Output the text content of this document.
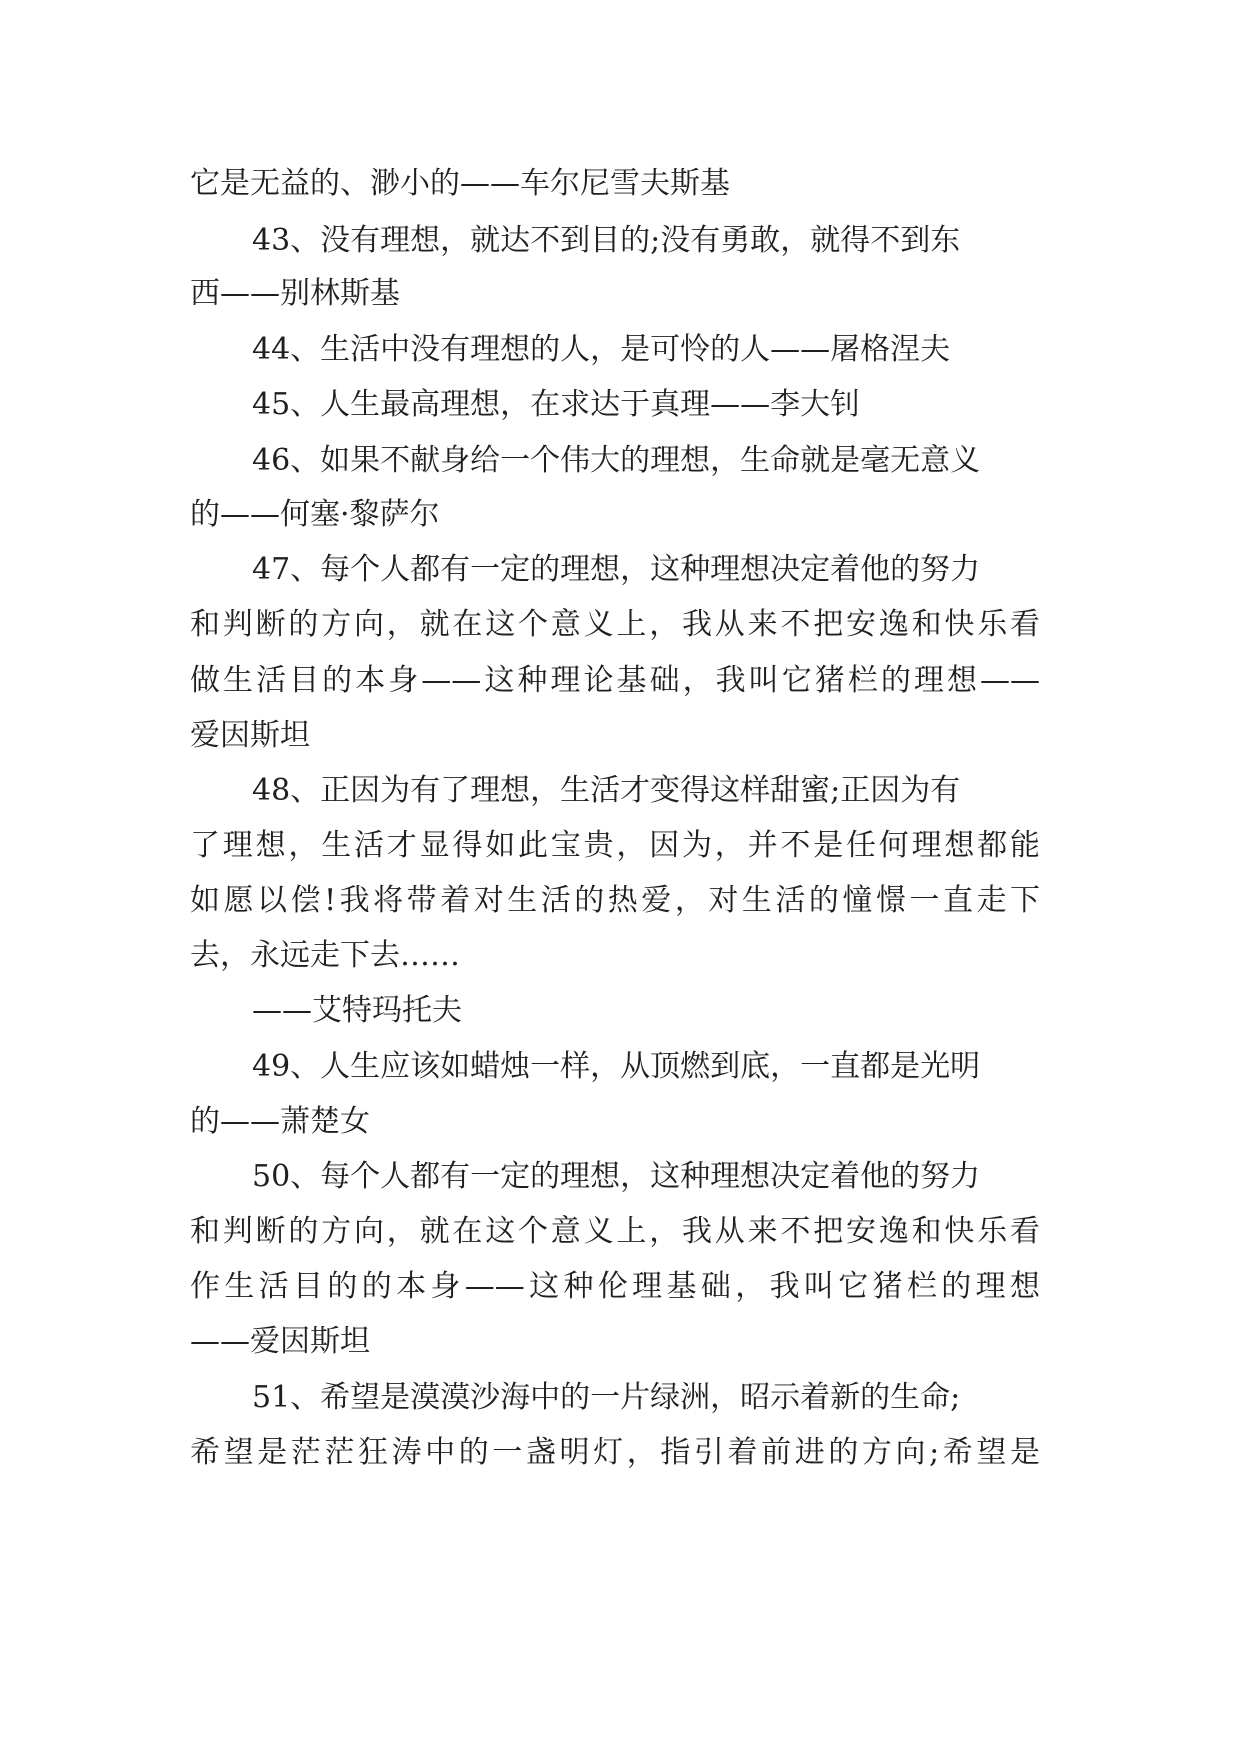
它是无益的、渺小的——车尔尼雪夫斯基
43、没有理想，就达不到目的;没有勇敢，就得不到东
西——别林斯基
44、生活中没有理想的人，是可怜的人——屠格涅夫
45、人生最高理想，在求达于真理——李大钊
46、如果不献身给一个伟大的理想，生命就是毫无意义
的——何塞·黎萨尔
47、每个人都有一定的理想，这种理想决定着他的努力
和判断的方向，就在这个意义上，我从来不把安逸和快乐看
做生活目的本身——这种理论基础，我叫它猪栏的理想——
爱因斯坦
48、正因为有了理想，生活才变得这样甜蜜;正因为有
了理想，生活才显得如此宝贵，因为，并不是任何理想都能
如愿以偿!我将带着对生活的热爱，对生活的憧憬一直走下
去，永远走下去……
——艾特玛托夫
49、人生应该如蜡烛一样，从顶燃到底，一直都是光明
的——萧楚女
50、每个人都有一定的理想，这种理想决定着他的努力
和判断的方向，就在这个意义上，我从来不把安逸和快乐看
作生活目的的本身——这种伦理基础，我叫它猪栏的理想
——爱因斯坦
51、希望是漠漠沙海中的一片绿洲，昭示着新的生命;
希望是茫茫狂涛中的一盏明灯，指引着前进的方向;希望是
